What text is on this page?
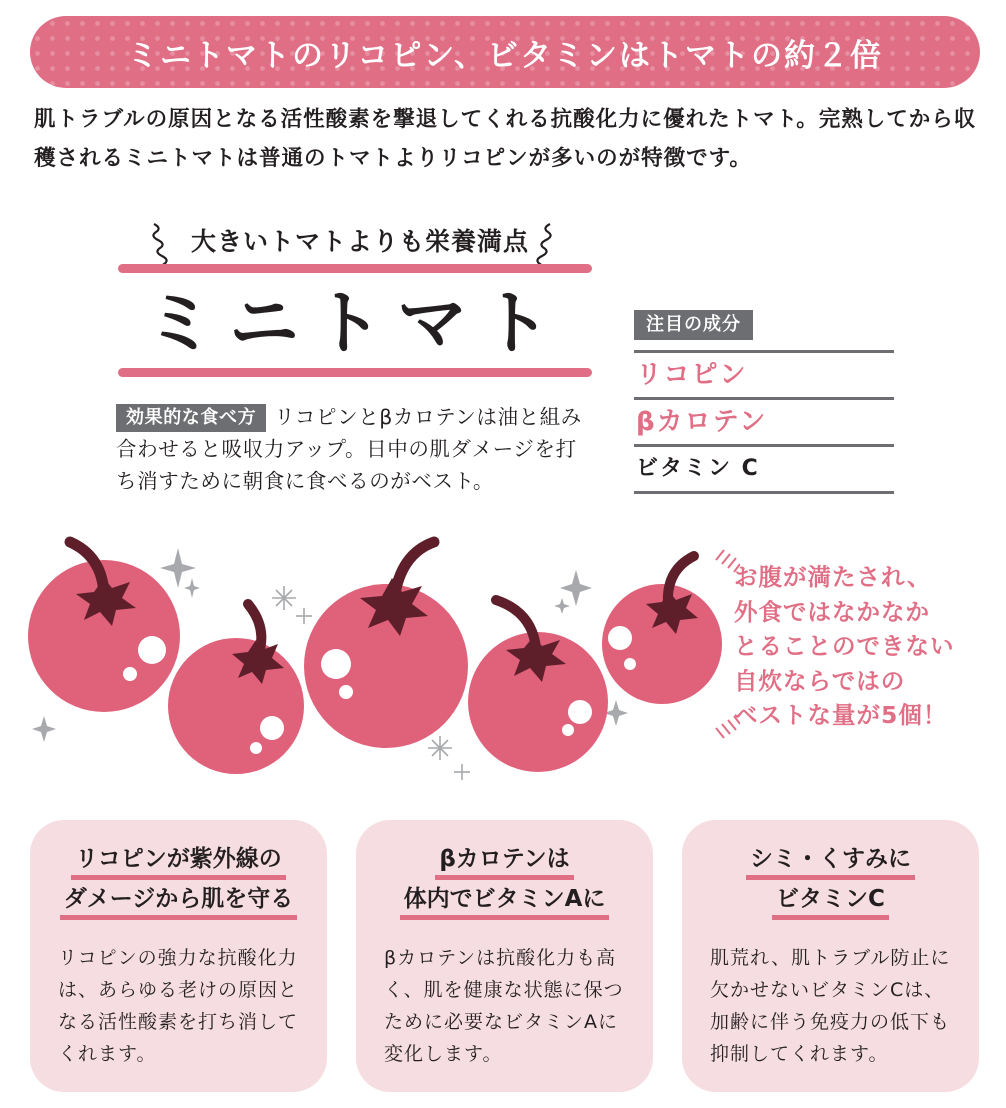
ミニトマトのリコピン、ビタミンはトマトの約２倍

肌トラブルの原因となる活性酸素を撃退してくれる抗酸化力に優れたトマト。完熟してから収穫されるミニトマトは普通のトマトよりリコピンが多いのが特徴です。

大きいトマトよりも栄養満点
ミニトマト

効果的な食べ方 リコピンとβカロテンは油と組み合わせると吸収力アップ。日中の肌ダメージを打ち消すために朝食に食べるのがベスト。

注目の成分
リコピン
βカロテン
ビタミン C
お腹が満たされ、
外食ではなかなか
とることのできない
自炊ならではの
ベストな量が5個！
リコピンが紫外線の
ダメージから肌を守る

リコピンの強力な抗酸化力は、あらゆる老けの原因となる活性酸素を打ち消してくれます。

βカロテンは
体内でビタミンAに

βカロテンは抗酸化力も高く、肌を健康な状態に保つために必要なビタミンAに変化します。

シミ・くすみに
ビタミンC

肌荒れ、肌トラブル防止に欠かせないビタミンCは、加齢に伴う免疫力の低下も抑制してくれます。
